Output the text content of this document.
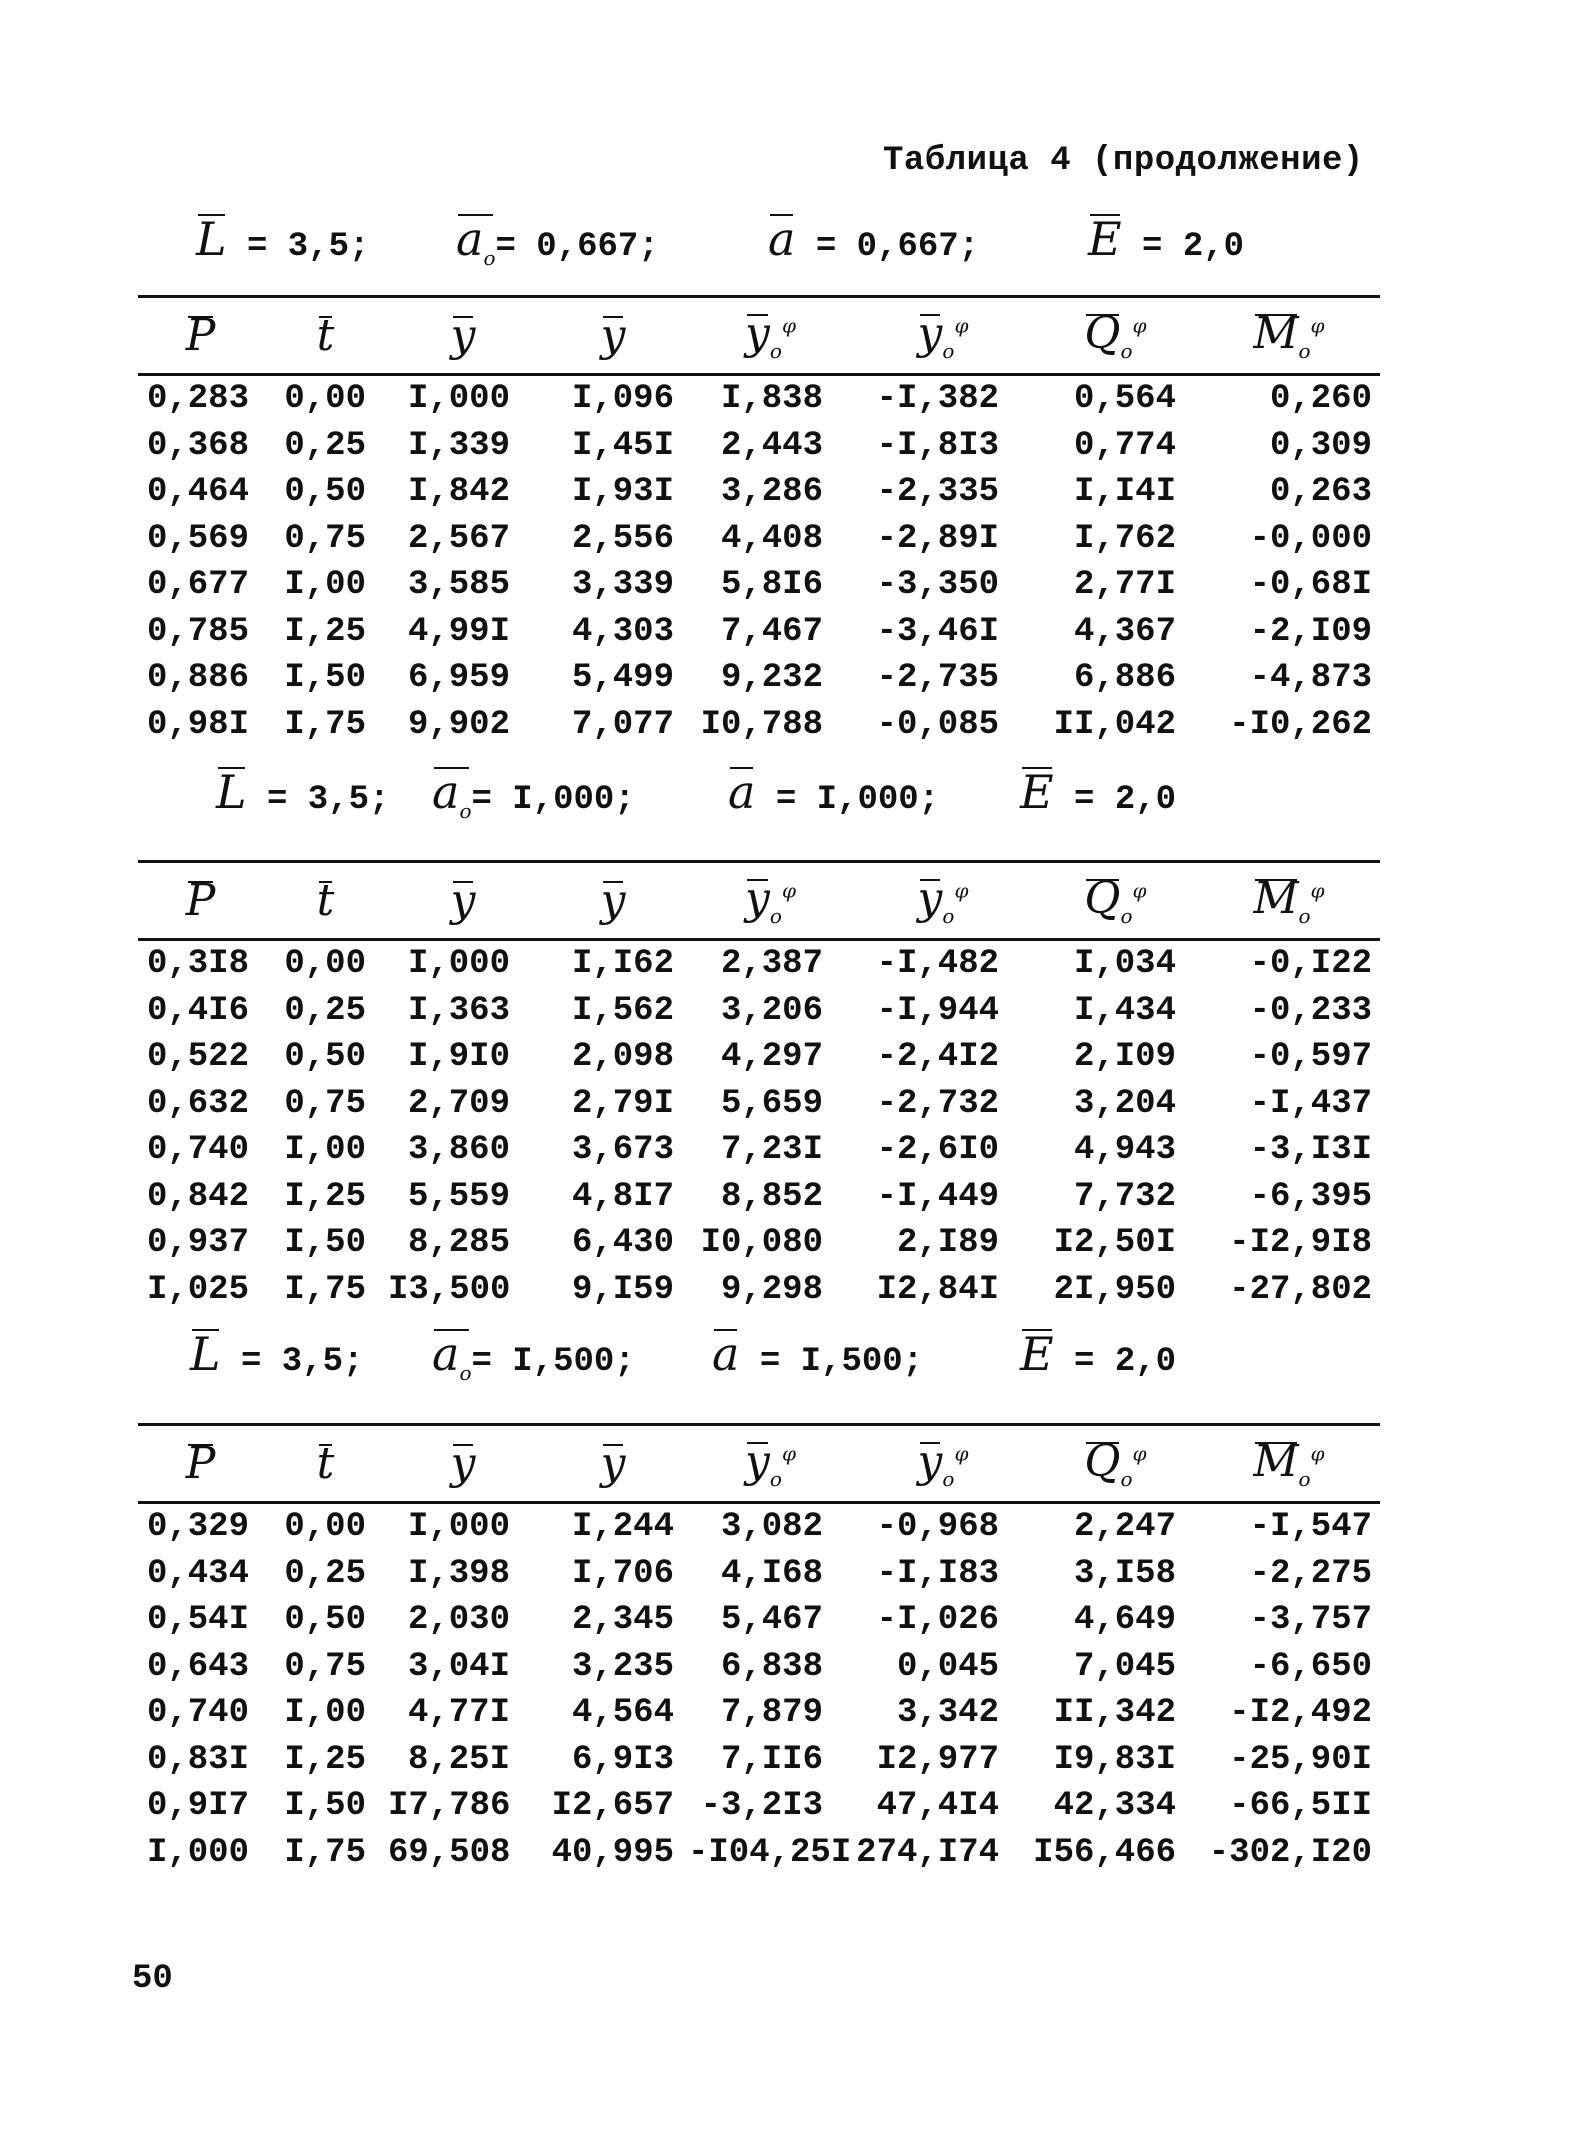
Таблица 4 (продолжение)
L = 3,5; $a_o= 0,667$; a = 0,667; E = 2,0
P	t	y	y	$y_o^\varphi$	$y_o^\varphi$	$Q_o^\varphi$	$M_o^\varphi$
0,283	0,00	I,000	I,096	I,838	-I,382	0,564	0,260
0,368	0,25	I,339	I,45I	2,443	-I,8I3	0,774	0,309
0,464	0,50	I,842	I,93I	3,286	-2,335	I,I4I	0,263
0,569	0,75	2,567	2,556	4,408	-2,89I	I,762	-0,000
0,677	I,00	3,585	3,339	5,8I6	-3,350	2,77I	-0,68I
0,785	I,25	4,99I	4,303	7,467	-3,46I	4,367	-2,I09
0,886	I,50	6,959	5,499	9,232	-2,735	6,886	-4,873
0,98I	I,75	9,902	7,077	I0,788	-0,085	II,042	-I0,262
L = 3,5; $a_o= I,000$; a = I,000; E = 2,0
P	t	y	y	$y_o^\varphi$	$y_o^\varphi$	$Q_o^\varphi$	$M_o^\varphi$
0,3I8	0,00	I,000	I,I62	2,387	-I,482	I,034	-0,I22
0,4I6	0,25	I,363	I,562	3,206	-I,944	I,434	-0,233
0,522	0,50	I,9I0	2,098	4,297	-2,4I2	2,I09	-0,597
0,632	0,75	2,709	2,79I	5,659	-2,732	3,204	-I,437
0,740	I,00	3,860	3,673	7,23I	-2,6I0	4,943	-3,I3I
0,842	I,25	5,559	4,8I7	8,852	-I,449	7,732	-6,395
0,937	I,50	8,285	6,430	I0,080	2,I89	I2,50I	-I2,9I8
I,025	I,75	I3,500	9,I59	9,298	I2,84I	2I,950	-27,802
L = 3,5; $a_o= I,500$; a = I,500; E = 2,0
P	t	y	y	$y_o^\varphi$	$y_o^\varphi$	$Q_o^\varphi$	$M_o^\varphi$
0,329	0,00	I,000	I,244	3,082	-0,968	2,247	-I,547
0,434	0,25	I,398	I,706	4,I68	-I,I83	3,I58	-2,275
0,54I	0,50	2,030	2,345	5,467	-I,026	4,649	-3,757
0,643	0,75	3,04I	3,235	6,838	0,045	7,045	-6,650
0,740	I,00	4,77I	4,564	7,879	3,342	II,342	-I2,492
0,83I	I,25	8,25I	6,9I3	7,II6	I2,977	I9,83I	-25,90I
0,9I7	I,50	I7,786	I2,657	-3,2I3	47,4I4	42,334	-66,5II
I,000	I,75	69,508	40,995	-I04,25I	274,I74	I56,466	-302,I20
50
